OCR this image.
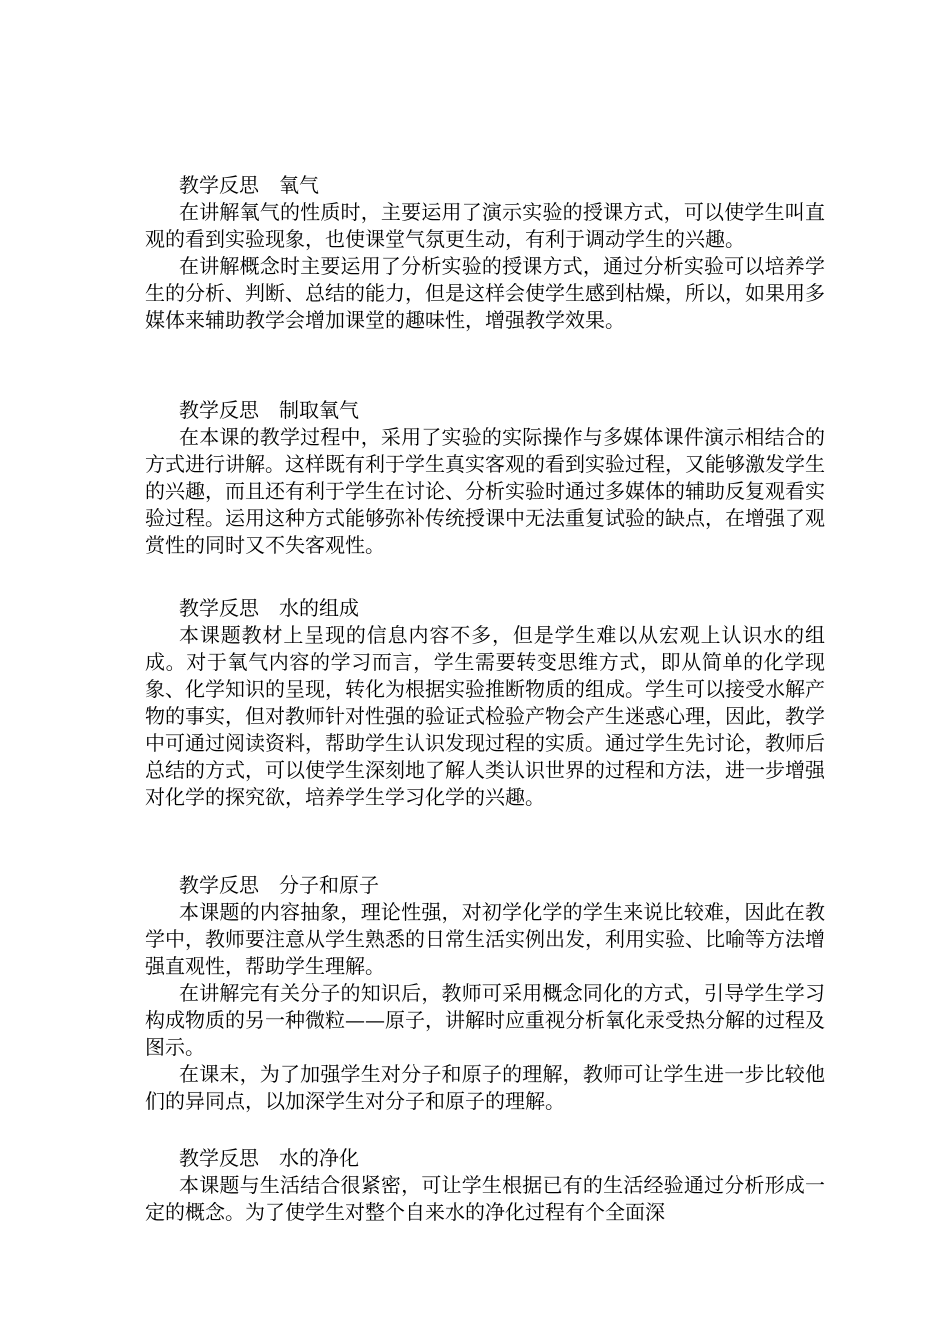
教学反思　氧气

在讲解氧气的性质时，主要运用了演示实验的授课方式，可以使学生叫直观的看到实验现象，也使课堂气氛更生动，有利于调动学生的兴趣。

在讲解概念时主要运用了分析实验的授课方式，通过分析实验可以培养学生的分析、判断、总结的能力，但是这样会使学生感到枯燥，所以，如果用多媒体来辅助教学会增加课堂的趣味性，增强教学效果。

教学反思　制取氧气

在本课的教学过程中，采用了实验的实际操作与多媒体课件演示相结合的方式进行讲解。这样既有利于学生真实客观的看到实验过程，又能够激发学生的兴趣，而且还有利于学生在讨论、分析实验时通过多媒体的辅助反复观看实验过程。运用这种方式能够弥补传统授课中无法重复试验的缺点，在增强了观赏性的同时又不失客观性。

教学反思　水的组成

本课题教材上呈现的信息内容不多，但是学生难以从宏观上认识水的组成。对于氧气内容的学习而言，学生需要转变思维方式，即从简单的化学现象、化学知识的呈现，转化为根据实验推断物质的组成。学生可以接受水解产物的事实，但对教师针对性强的验证式检验产物会产生迷惑心理，因此，教学中可通过阅读资料，帮助学生认识发现过程的实质。通过学生先讨论，教师后总结的方式，可以使学生深刻地了解人类认识世界的过程和方法，进一步增强对化学的探究欲，培养学生学习化学的兴趣。

教学反思　分子和原子

本课题的内容抽象，理论性强，对初学化学的学生来说比较难，因此在教学中，教师要注意从学生熟悉的日常生活实例出发，利用实验、比喻等方法增强直观性，帮助学生理解。

在讲解完有关分子的知识后，教师可采用概念同化的方式，引导学生学习构成物质的另一种微粒——原子，讲解时应重视分析氧化汞受热分解的过程及图示。

在课末，为了加强学生对分子和原子的理解，教师可让学生进一步比较他们的异同点，以加深学生对分子和原子的理解。

教学反思　水的净化

本课题与生活结合很紧密，可让学生根据已有的生活经验通过分析形成一定的概念。为了使学生对整个自来水的净化过程有个全面深
